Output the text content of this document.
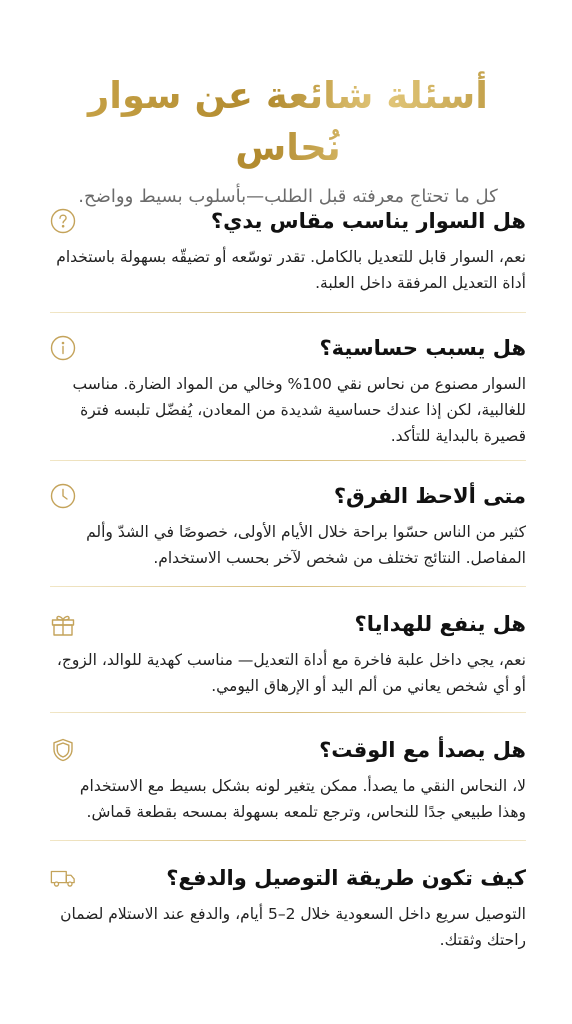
أسئلة شائعة عن سوار نُحاس

كل ما تحتاج معرفته قبل الطلب—بأسلوب بسيط وواضح.

هل السوار يناسب مقاس يدي؟
نعم، السوار قابل للتعديل بالكامل. تقدر توسّعه أو تضيقّه بسهولة باستخدام أداة التعديل المرفقة داخل العلبة.
هل يسبب حساسية؟
السوار مصنوع من نحاس نقي 100% وخالي من المواد الضارة. مناسب للغالبية، لكن إذا عندك حساسية شديدة من المعادن، يُفضّل تلبسه فترة قصيرة بالبداية للتأكد.
متى ألاحظ الفرق؟
كثير من الناس حسّوا براحة خلال الأيام الأولى، خصوصًا في الشدّ وألم المفاصل. النتائج تختلف من شخص لآخر بحسب الاستخدام.
هل ينفع للهدايا؟
نعم، يجي داخل علبة فاخرة مع أداة التعديل— مناسب كهدية للوالد، الزوج، أو أي شخص يعاني من ألم اليد أو الإرهاق اليومي.
هل يصدأ مع الوقت؟
لا، النحاس النقي ما يصدأ. ممكن يتغير لونه بشكل بسيط مع الاستخدام وهذا طبيعي جدًا للنحاس، وترجع تلمعه بسهولة بمسحه بقطعة قماش.
كيف تكون طريقة التوصيل والدفع؟
التوصيل سريع داخل السعودية خلال 2–5 أيام، والدفع عند الاستلام لضمان راحتك وثقتك.
